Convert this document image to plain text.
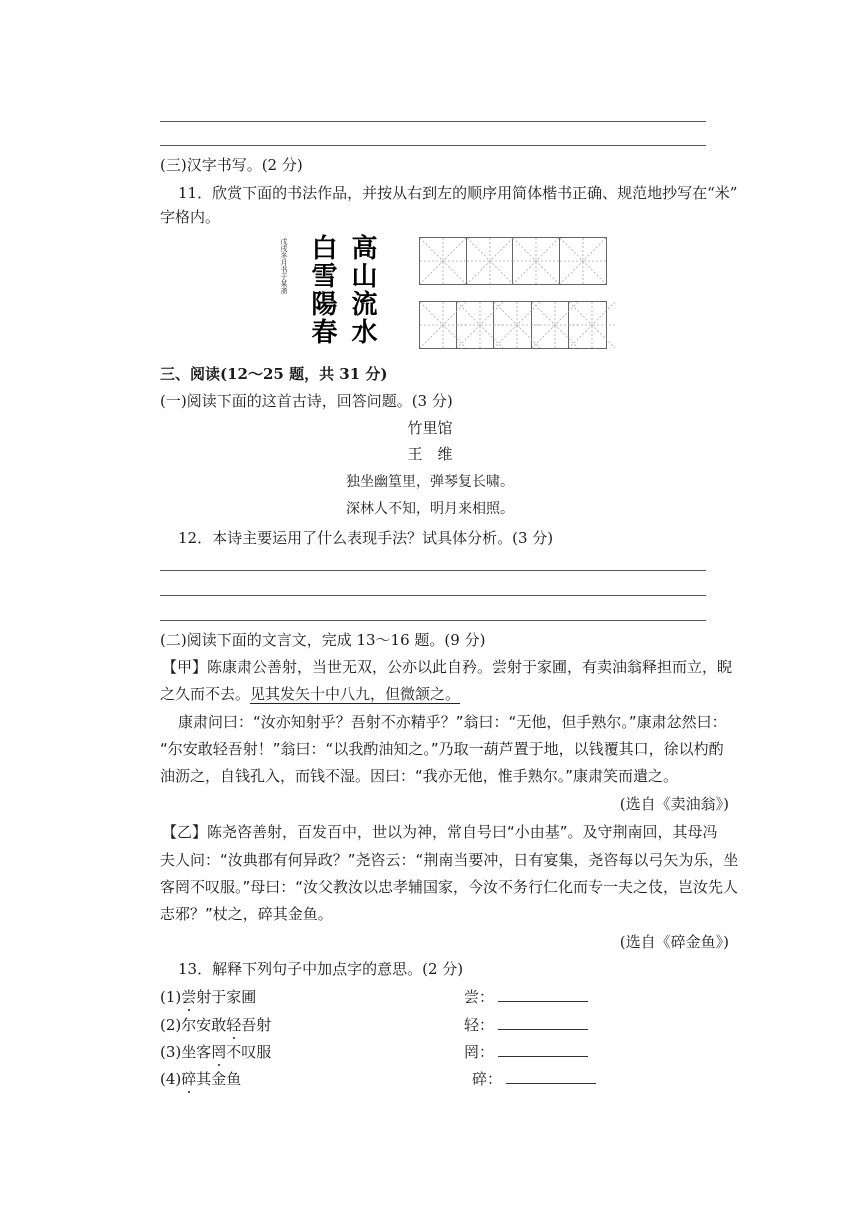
(三)汉字书写。(2 分)
11．欣赏下面的书法作品，并按从右到左的顺序用简体楷书正确、规范地抄写在“米”
字格内。
戊戌冬月书于某斋 白雪陽春 高山流水
三、阅读(12～25 题，共 31 分)
(一)阅读下面的这首古诗，回答问题。(3 分)
竹里馆
王　维
独坐幽篁里，弹琴复长啸。
深林人不知，明月来相照。
12．本诗主要运用了什么表现手法？试具体分析。(3 分)
(二)阅读下面的文言文，完成 13～16 题。(9 分)
【甲】陈康肃公善射，当世无双，公亦以此自矜。尝射于家圃，有卖油翁释担而立，睨
之久而不去。见其发矢十中八九，但微颔之。
康肃问曰：“汝亦知射乎？吾射不亦精乎？”翁曰：“无他，但手熟尔。”康肃忿然曰：
“尔安敢轻吾射！”翁曰：“以我酌油知之。”乃取一葫芦置于地，以钱覆其口，徐以杓酌
油沥之，自钱孔入，而钱不湿。因曰：“我亦无他，惟手熟尔。”康肃笑而遣之。
(选自《卖油翁》)
【乙】陈尧咨善射，百发百中，世以为神，常自号曰“小由基”。及守荆南回，其母冯
夫人问：“汝典郡有何异政？”尧咨云：“荆南当要冲，日有宴集，尧咨每以弓矢为乐，坐
客罔不叹服。”母曰：“汝父教汝以忠孝辅国家，今汝不务行仁化而专一夫之伎，岂汝先人
志邪？”杖之，碎其金鱼。
(选自《碎金鱼》)
13．解释下列句子中加点字的意思。(2 分)
(1)尝射于家圃	尝：
(2)尔安敢轻吾射	轻：
(3)坐客罔不叹服	罔：
(4)碎其金鱼	碎：
